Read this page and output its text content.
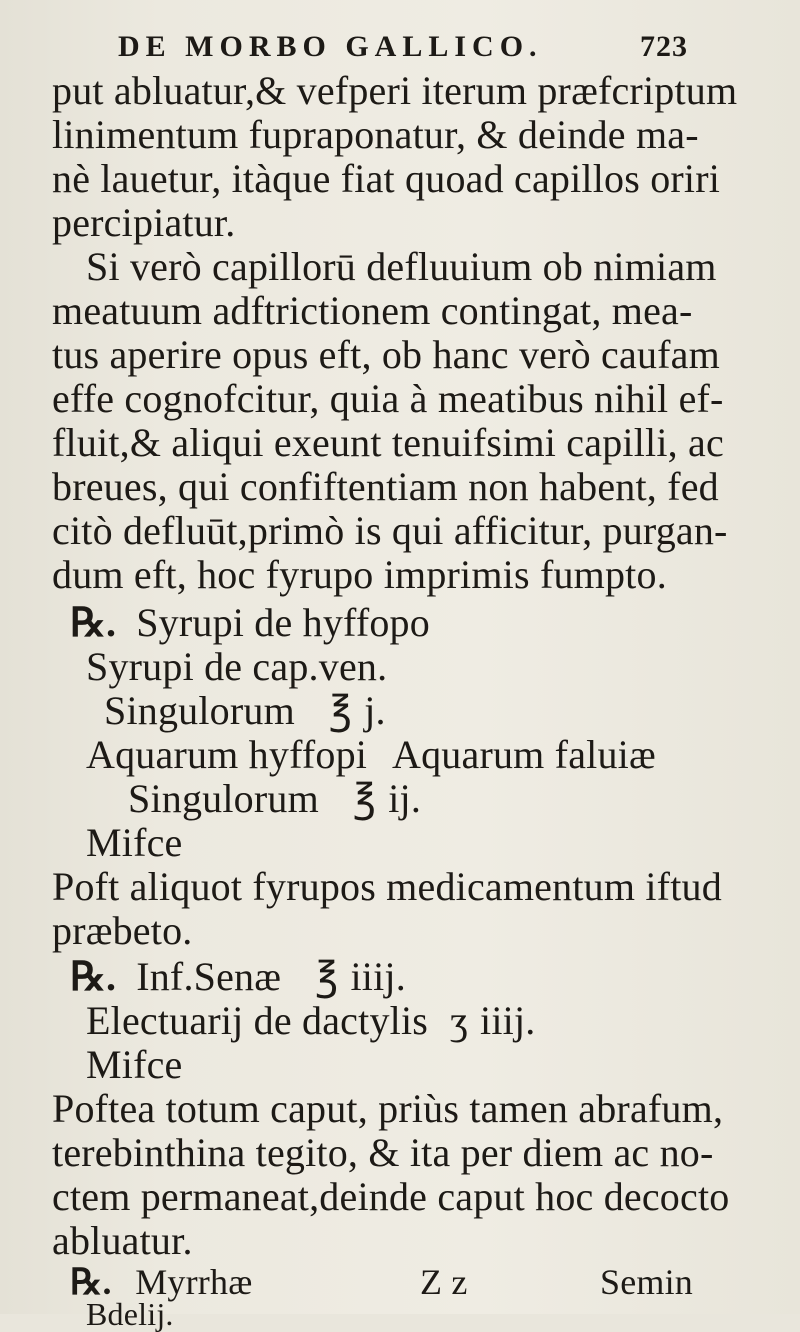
DE MORBO GALLICO.	723
put abluatur,& vefperi iterum præfcriptum
linimentum fupraponatur, & deinde ma-
nè lauetur, itàque fiat quoad capillos oriri
percipiatur.
Si verò capillorū defluuium ob nimiam
meatuum adftrictionem contingat, mea-
tus aperire opus eft, ob hanc verò caufam
effe cognofcitur, quia à meatibus nihil ef-
fluit,& aliqui exeunt tenuifsimi capilli, ac
breues, qui confiftentiam non habent, fed
citò defluūt,primò is qui afficitur, purgan-
dum eft, hoc fyrupo imprimis fumpto.
℞. Syrupi de hyffopo
Syrupi de cap.ven.
Singulorum ℥ j.
Aquarum hyffopi Aquarum faluiæ
Singulorum ℥ ij.
Mifce
Poft aliquot fyrupos medicamentum iftud
præbeto.
℞. Inf.Senæ ℥ iiij.
Electuarij de dactylis ʒ iiij.
Mifce
Poftea totum caput, priùs tamen abrafum,
terebinthina tegito, & ita per diem ac no-
ctem permaneat,deinde caput hoc decocto
abluatur.
℞. Myrrhæ	Semin
Z z
Bdelij.
